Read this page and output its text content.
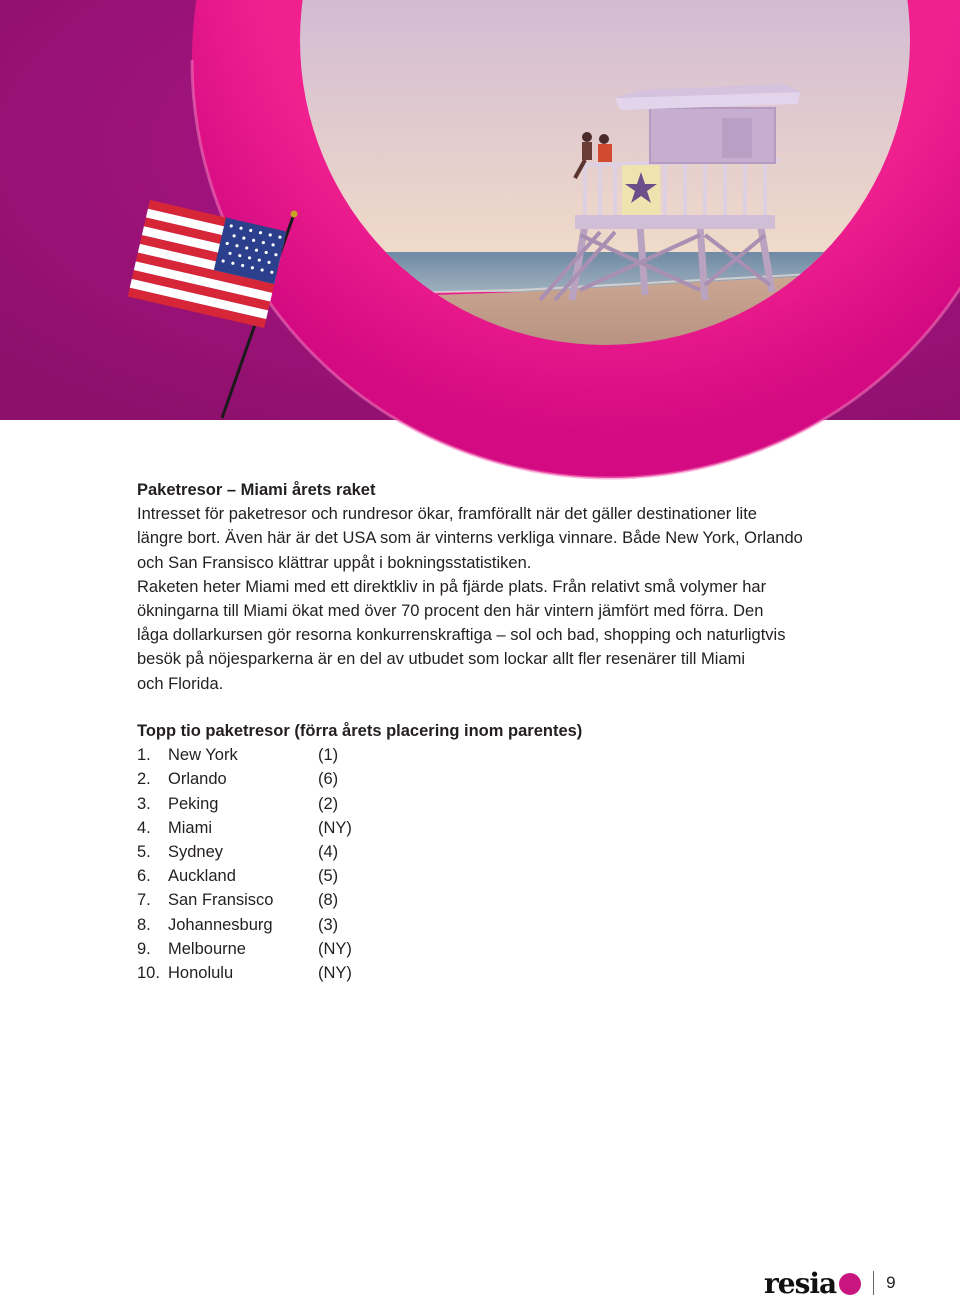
Paketresor – Miami årets raket

Intresset för paketresor och rundresor ökar, framförallt när det gäller destinationer lite
längre bort. Även här är det USA som är vinterns verkliga vinnare. Både New York, Orlando
och San Fransisco klättrar uppåt i bokningsstatistiken.
Raketen heter Miami med ett direktkliv in på fjärde plats. Från relativt små volymer har
ökningarna till Miami ökat med över 70 procent den här vintern jämfört med förra. Den
låga dollarkursen gör resorna konkurrenskraftiga – sol och bad, shopping och naturligtvis
besök på nöjesparkerna är en del av utbudet som lockar allt fler resenärer till Miami
och Florida.

Topp tio paketresor (förra årets placering inom parentes)

1.	New York	(1)
2.	Orlando	(6)
3.	Peking	(2)
4.	Miami	(NY)
5.	Sydney	(4)
6.	Auckland	(5)
7.	San Fransisco	(8)
8.	Johannesburg	(3)
9.	Melbourne	(NY)
10. Honolulu	(NY)
resia	9
